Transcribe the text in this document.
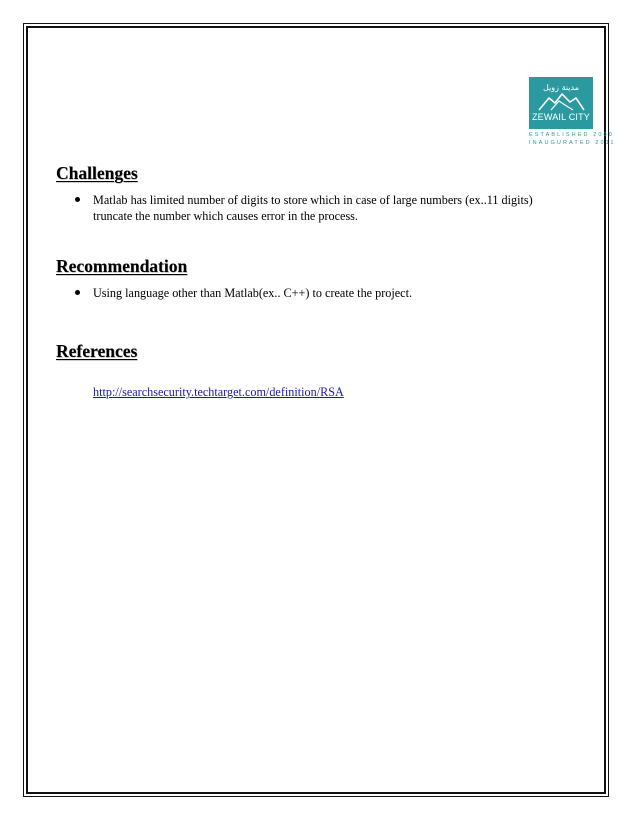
مدينة زويل
ZEWAIL CITY
ESTABLISHED 2000
INAUGURATED 2011
Challenges
Matlab has limited number of digits to store which in case of large numbers (ex..11 digits) truncate the number which causes error in the process.
Recommendation
Using language other than Matlab(ex.. C++) to create the project.
References
http://searchsecurity.techtarget.com/definition/RSA
